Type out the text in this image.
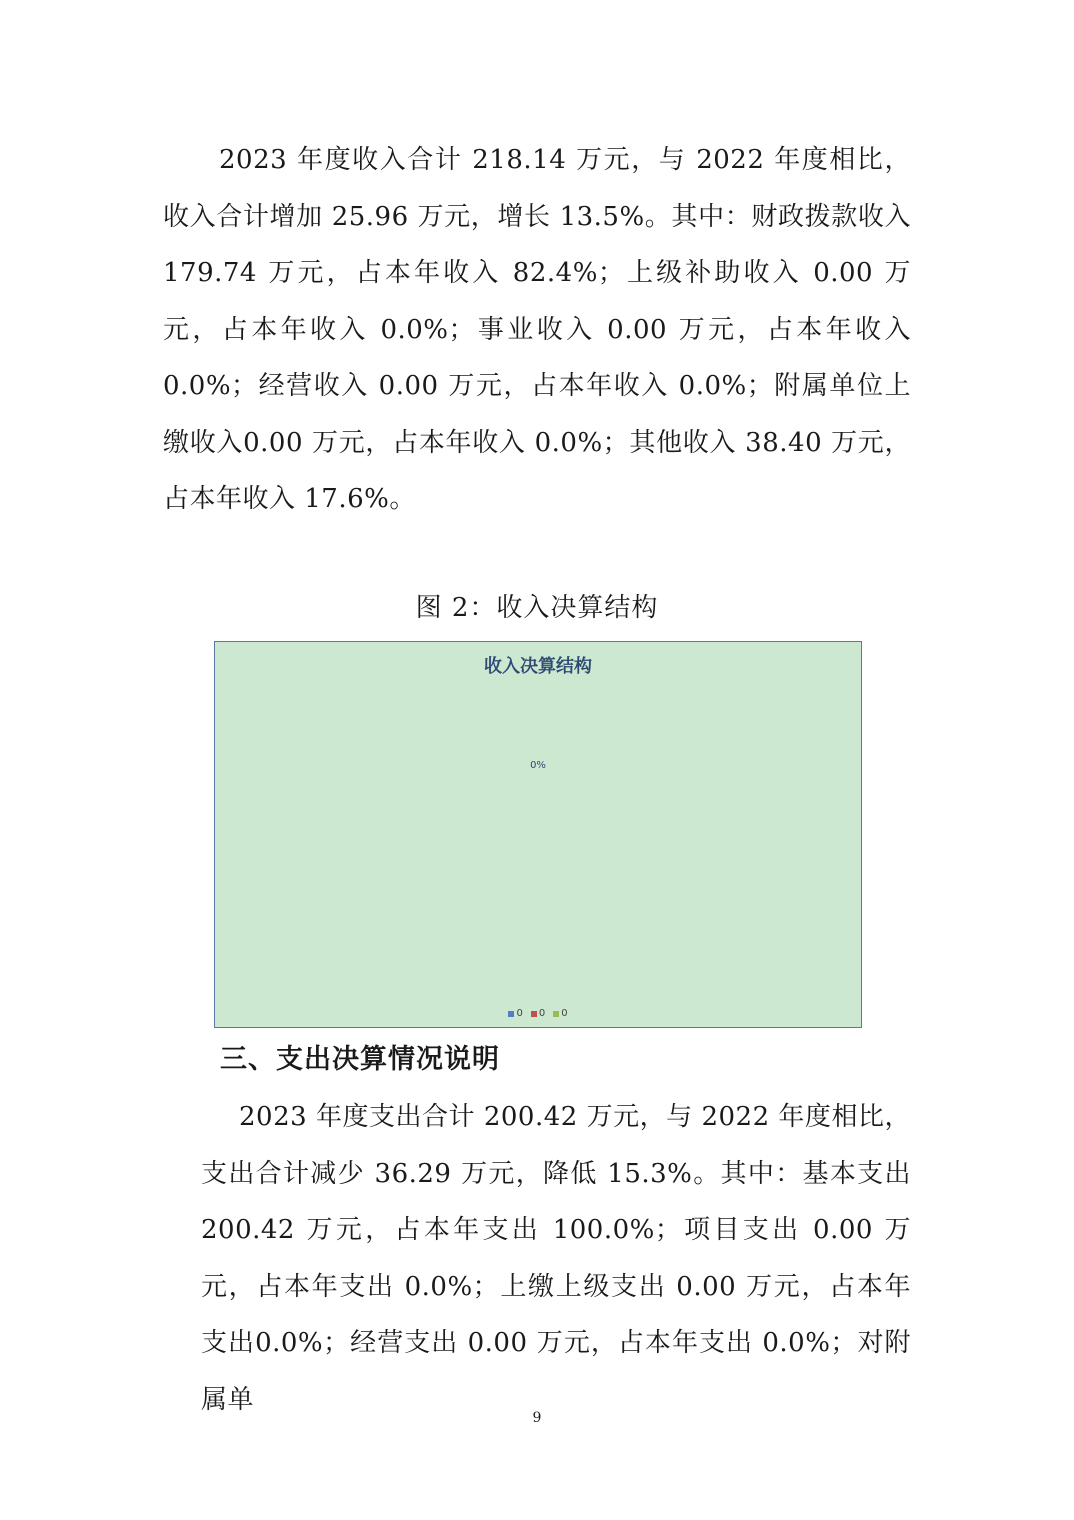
2023 年度收入合计 218.14 万元，与 2022 年度相比，收入合计增加 25.96 万元，增长 13.5%。其中：财政拨款收入179.74 万元，占本年收入 82.4%；上级补助收入 0.00 万元，占本年收入 0.0%；事业收入 0.00 万元，占本年收入 0.0%；经营收入 0.00 万元，占本年收入 0.0%；附属单位上缴收入0.00 万元，占本年收入 0.0%；其他收入 38.40 万元，占本年收入 17.6%。

图 2：收入决算结构
收入决算结构
0%
0 0 0
三、支出决算情况说明

2023 年度支出合计 200.42 万元，与 2022 年度相比，支出合计减少 36.29 万元，降低 15.3%。其中：基本支出200.42 万元，占本年支出 100.0%；项目支出 0.00 万元，占本年支出 0.0%；上缴上级支出 0.00 万元，占本年支出0.0%；经营支出 0.00 万元，占本年支出 0.0%；对附属单

9
